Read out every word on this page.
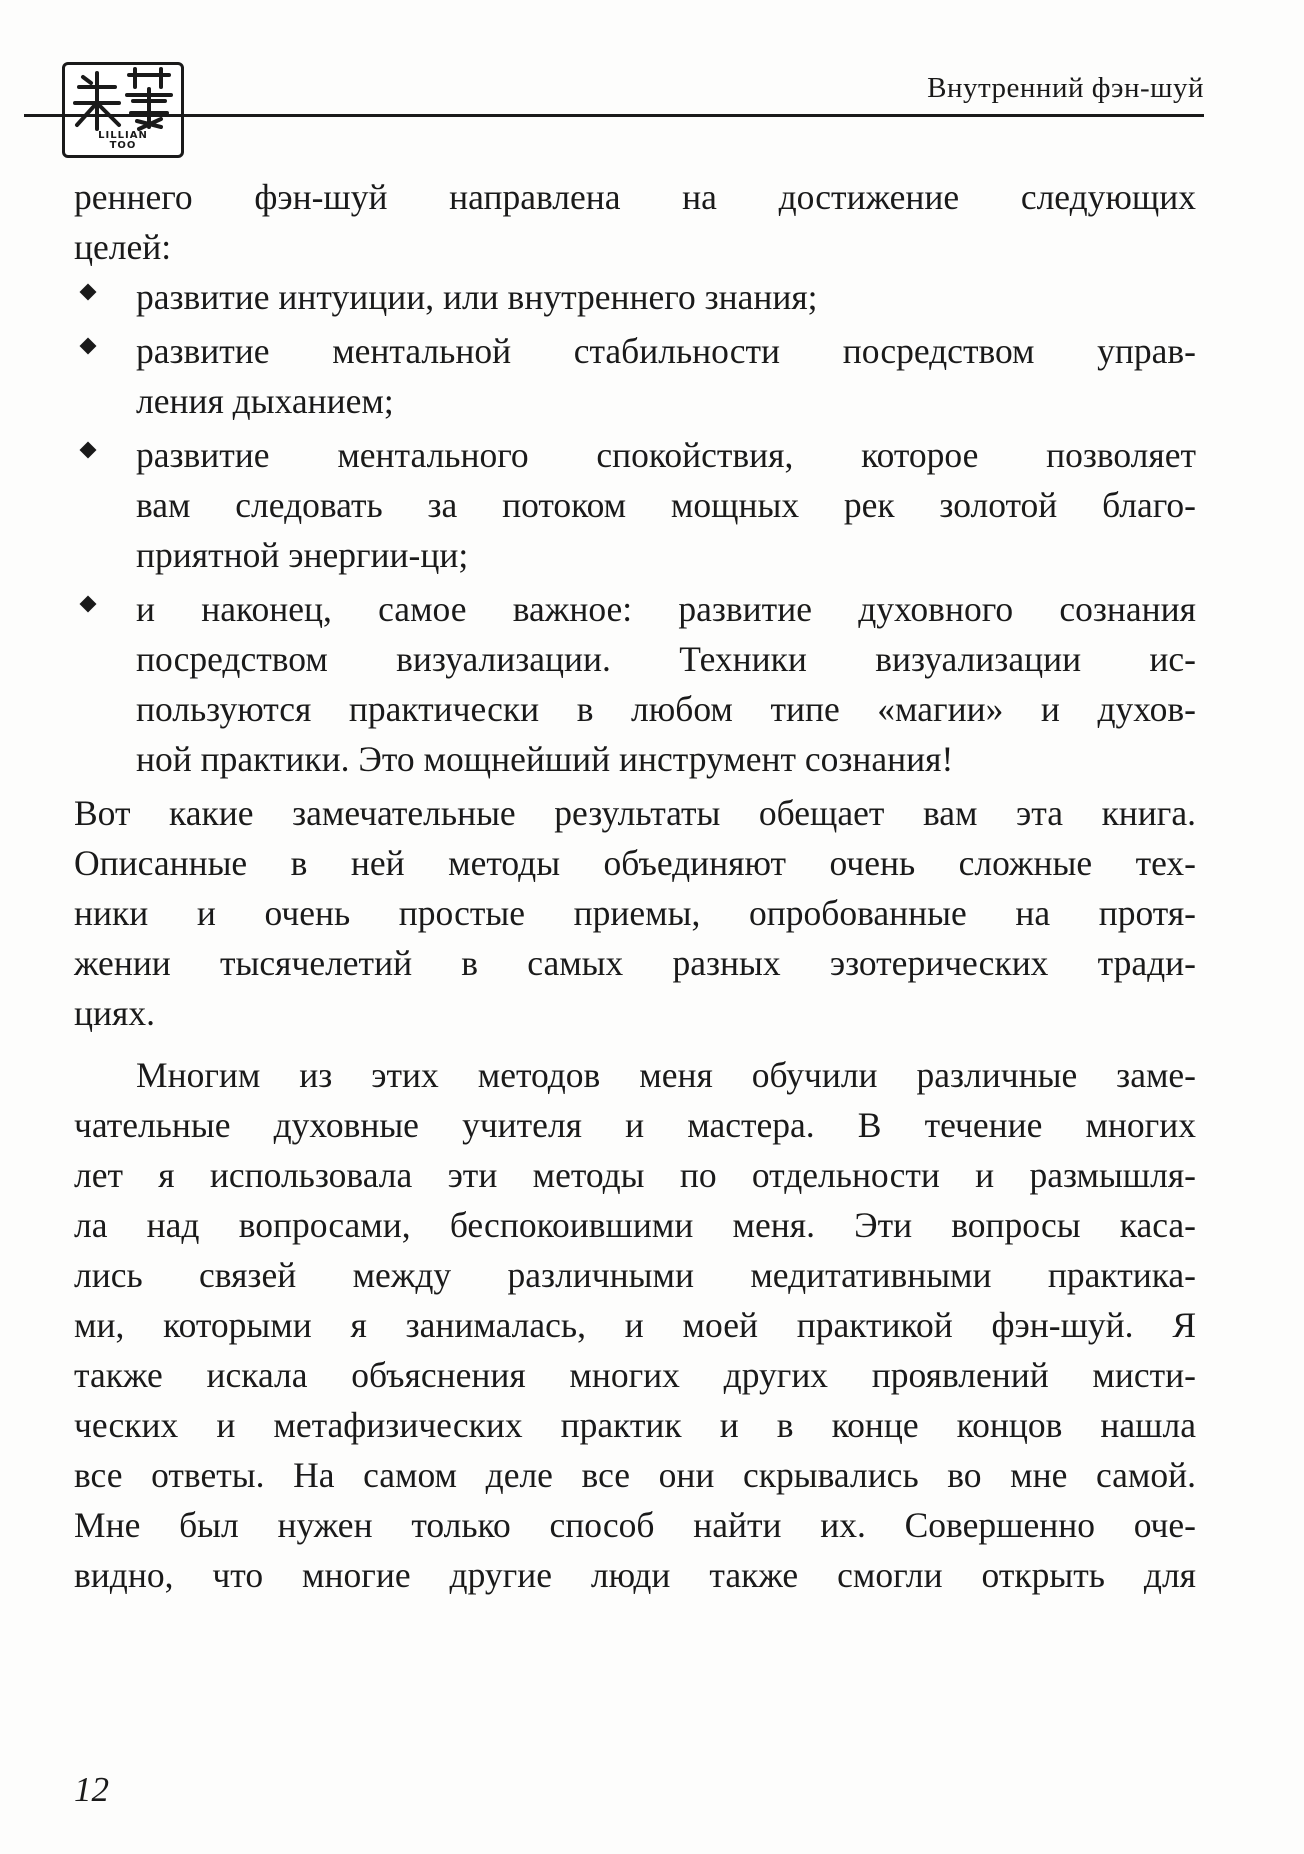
LILLIAN
TOO
Внутренний фэн-шуй
реннего фэн-шуй направлена на достижение следующих
целей:
развитие интуиции, или внутреннего знания;
развитие ментальной стабильности посредством управ-
ления дыханием;
развитие ментального спокойствия, которое позволяет
вам следовать за потоком мощных рек золотой благо-
приятной энергии-ци;
и наконец, самое важное: развитие духовного сознания
посредством визуализации. Техники визуализации ис-
пользуются практически в любом типе «магии» и духов-
ной практики. Это мощнейший инструмент сознания!
Вот какие замечательные результаты обещает вам эта книга.
Описанные в ней методы объединяют очень сложные тех-
ники и очень простые приемы, опробованные на протя-
жении тысячелетий в самых разных эзотерических тради-
циях.
Многим из этих методов меня обучили различные заме-
чательные духовные учителя и мастера. В течение многих
лет я использовала эти методы по отдельности и размышля-
ла над вопросами, беспокоившими меня. Эти вопросы каса-
лись связей между различными медитативными практика-
ми, которыми я занималась, и моей практикой фэн-шуй. Я
также искала объяснения многих других проявлений мисти-
ческих и метафизических практик и в конце концов нашла
все ответы. На самом деле все они скрывались во мне самой.
Мне был нужен только способ найти их. Совершенно оче-
видно, что многие другие люди также смогли открыть для
12
